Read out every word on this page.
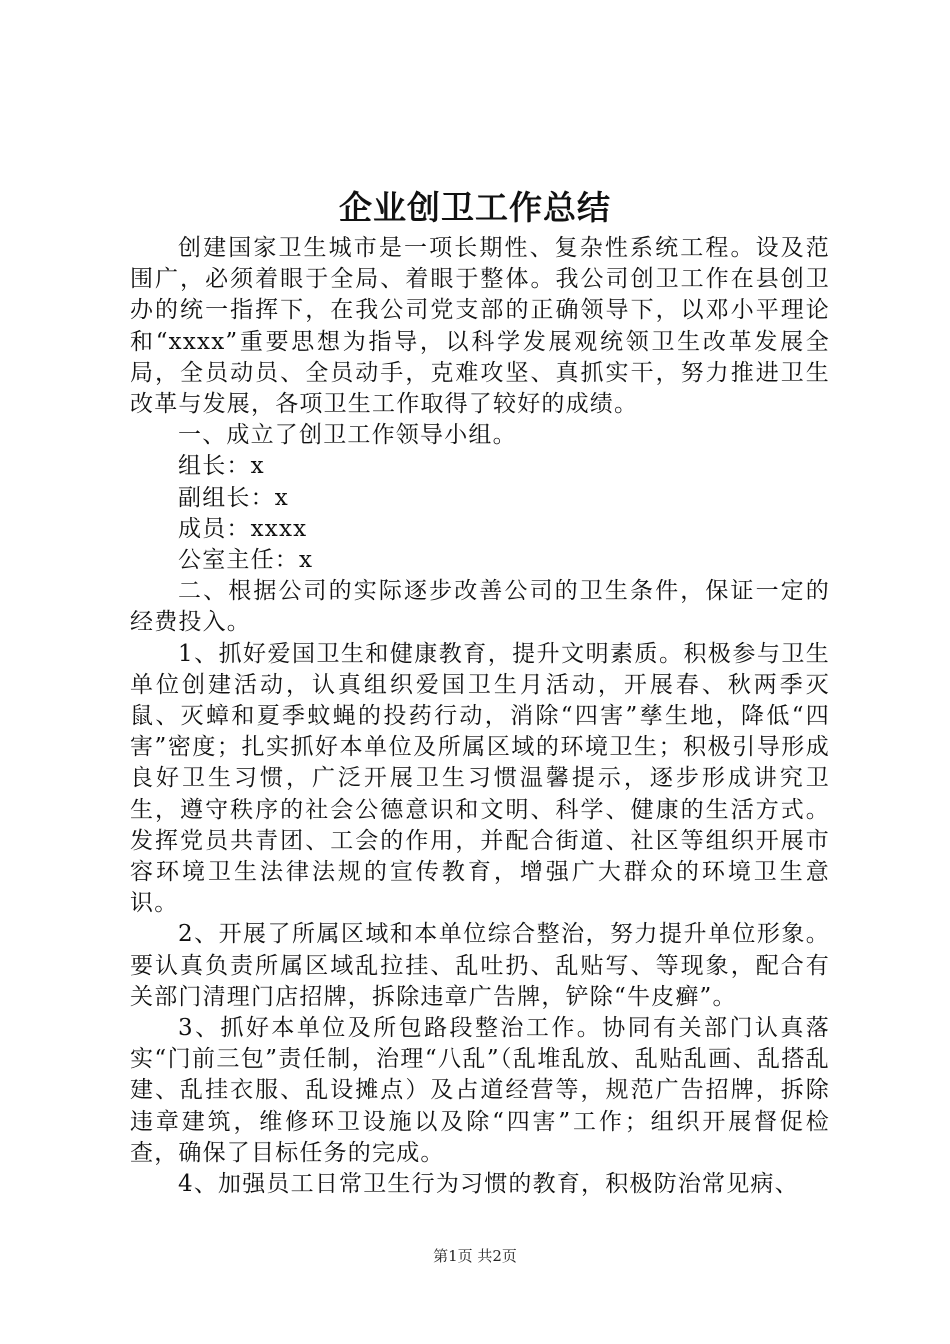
企业创卫工作总结

创建国家卫生城市是一项长期性、复杂性系统工程。设及范围广，必须着眼于全局、着眼于整体。我公司创卫工作在县创卫办的统一指挥下，在我公司党支部的正确领导下，以邓小平理论和“xxxx”重要思想为指导，以科学发展观统领卫生改革发展全局，全员动员、全员动手，克难攻坚、真抓实干，努力推进卫生改革与发展，各项卫生工作取得了较好的成绩。

一、成立了创卫工作领导小组。

组长：x

副组长：x

成员：xxxx

公室主任：x

二、根据公司的实际逐步改善公司的卫生条件，保证一定的经费投入。

1、抓好爱国卫生和健康教育，提升文明素质。积极参与卫生单位创建活动，认真组织爱国卫生月活动，开展春、秋两季灭鼠、灭蟑和夏季蚊蝇的投药行动，消除“四害”孳生地，降低“四害”密度；扎实抓好本单位及所属区域的环境卫生；积极引导形成良好卫生习惯，广泛开展卫生习惯温馨提示，逐步形成讲究卫生，遵守秩序的社会公德意识和文明、科学、健康的生活方式。发挥党员共青团、工会的作用，并配合街道、社区等组织开展市容环境卫生法律法规的宣传教育，增强广大群众的环境卫生意识。

2、开展了所属区域和本单位综合整治，努力提升单位形象。要认真负责所属区域乱拉挂、乱吐扔、乱贴写、等现象，配合有关部门清理门店招牌，拆除违章广告牌，铲除“牛皮癣”。

3、抓好本单位及所包路段整治工作。协同有关部门认真落实“门前三包”责任制，治理“八乱”（乱堆乱放、乱贴乱画、乱搭乱建、乱挂衣服、乱设摊点）及占道经营等，规范广告招牌，拆除违章建筑，维修环卫设施以及除“四害”工作；组织开展督促检查，确保了目标任务的完成。

4、加强员工日常卫生行为习惯的教育，积极防治常见病、

第1页 共2页
